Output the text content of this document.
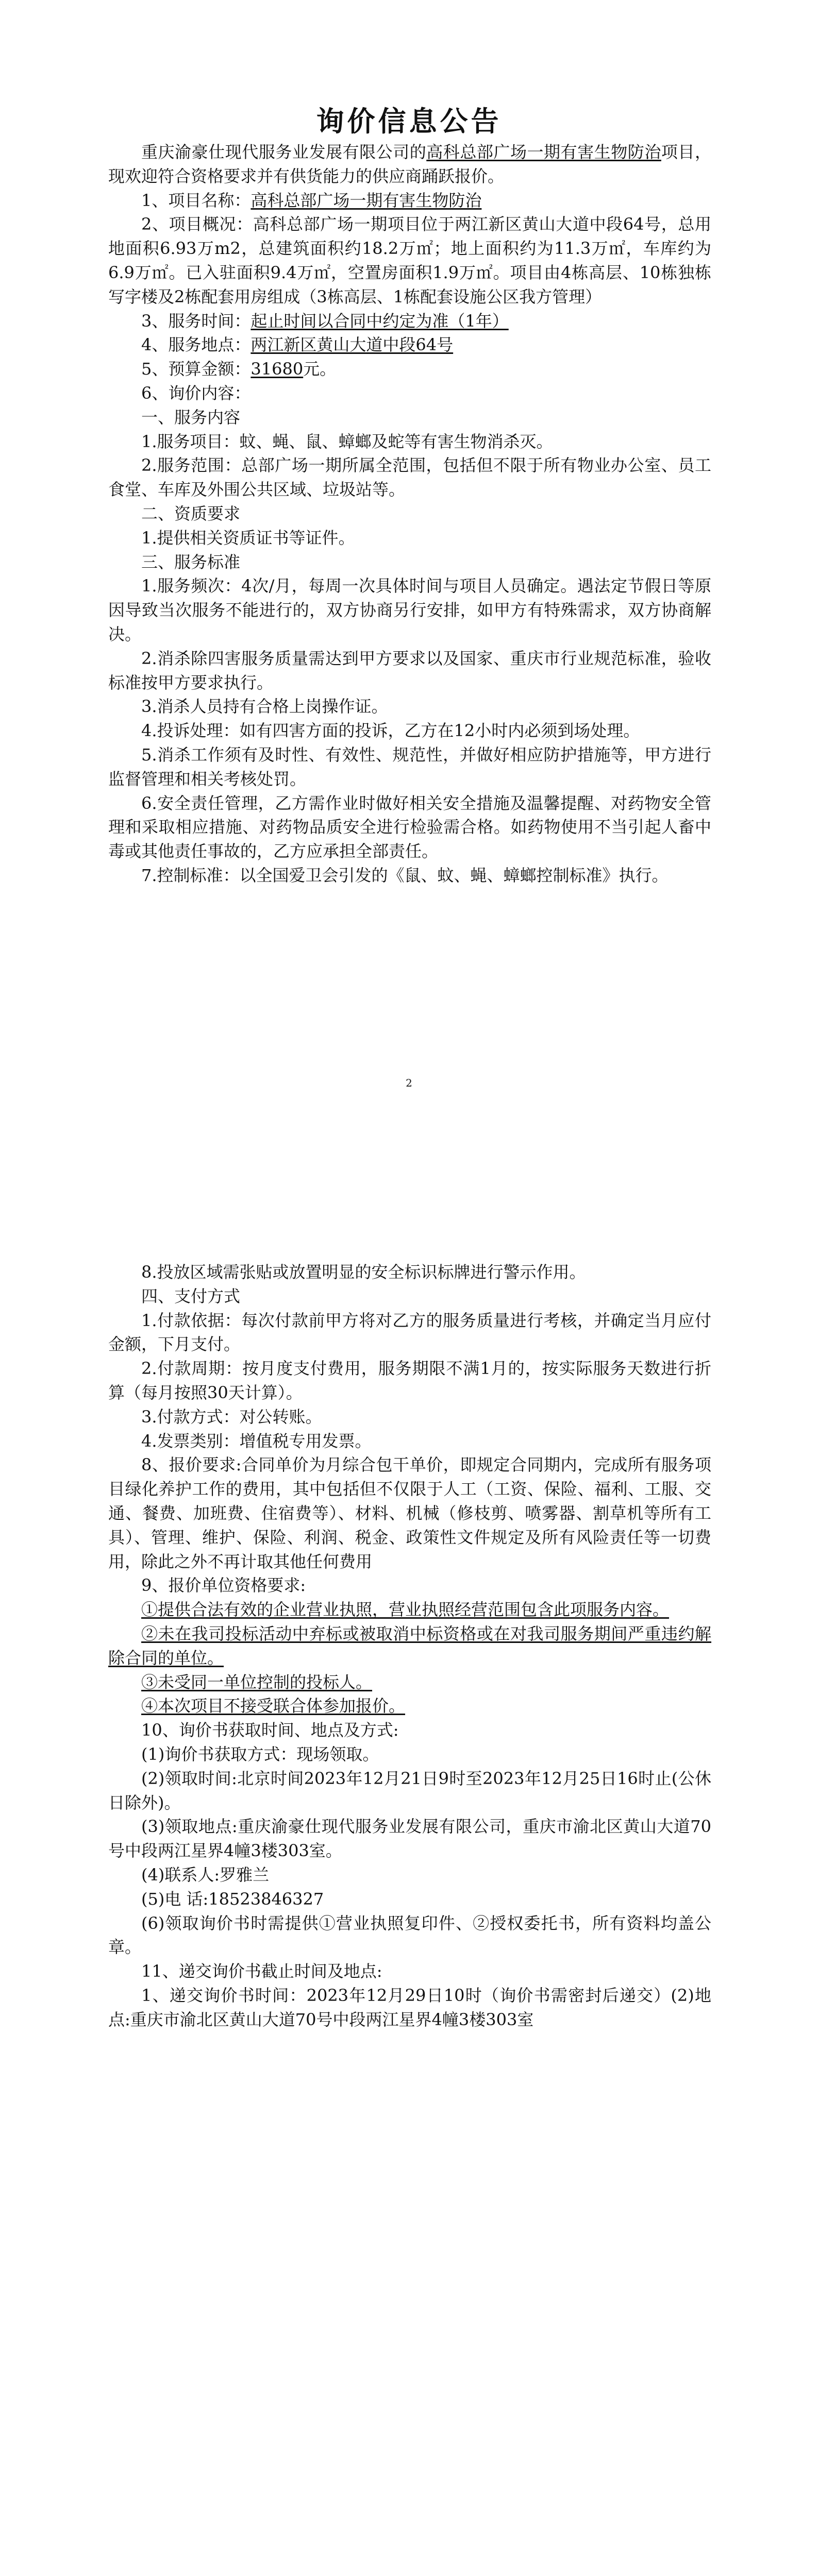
询价信息公告

重庆渝豪仕现代服务业发展有限公司的高科总部广场一期有害生物防治项目，现欢迎符合资格要求并有供货能力的供应商踊跃报价。

1、项目名称：高科总部广场一期有害生物防治

2、项目概况：高科总部广场一期项目位于两江新区黄山大道中段64号，总用地面积6.93万m2，总建筑面积约18.2万㎡；地上面积约为11.3万㎡，车库约为6.9万㎡。已入驻面积9.4万㎡，空置房面积1.9万㎡。项目由4栋高层、10栋独栋写字楼及2栋配套用房组成（3栋高层、1栋配套设施公区我方管理）

3、服务时间：起止时间以合同中约定为准（1年）

4、服务地点：两江新区黄山大道中段64号

5、预算金额：31680元。

6、询价内容：

一、服务内容

1.服务项目：蚊、蝇、鼠、蟑螂及蛇等有害生物消杀灭。

2.服务范围：总部广场一期所属全范围，包括但不限于所有物业办公室、员工食堂、车库及外围公共区域、垃圾站等。

二、资质要求

1.提供相关资质证书等证件。

三、服务标准

1.服务频次：4次/月，每周一次具体时间与项目人员确定。遇法定节假日等原因导致当次服务不能进行的，双方协商另行安排，如甲方有特殊需求，双方协商解决。

2.消杀除四害服务质量需达到甲方要求以及国家、重庆市行业规范标准，验收标准按甲方要求执行。

3.消杀人员持有合格上岗操作证。

4.投诉处理：如有四害方面的投诉，乙方在12小时内必须到场处理。

5.消杀工作须有及时性、有效性、规范性，并做好相应防护措施等，甲方进行监督管理和相关考核处罚。

6.安全责任管理，乙方需作业时做好相关安全措施及温馨提醒、对药物安全管理和采取相应措施、对药物品质安全进行检验需合格。如药物使用不当引起人畜中毒或其他责任事故的，乙方应承担全部责任。

7.控制标准：以全国爱卫会引发的《鼠、蚊、蝇、蟑螂控制标准》执行。

2

8.投放区域需张贴或放置明显的安全标识标牌进行警示作用。

四、支付方式

1.付款依据：每次付款前甲方将对乙方的服务质量进行考核，并确定当月应付金额，下月支付。

2.付款周期：按月度支付费用，服务期限不满1月的，按实际服务天数进行折算（每月按照30天计算）。

3.付款方式：对公转账。

4.发票类别：增值税专用发票。

8、报价要求:合同单价为月综合包干单价，即规定合同期内，完成所有服务项目绿化养护工作的费用，其中包括但不仅限于人工（工资、保险、福利、工服、交通、餐费、加班费、住宿费等）、材料、机械（修枝剪、喷雾器、割草机等所有工具）、管理、维护、保险、利润、税金、政策性文件规定及所有风险责任等一切费用，除此之外不再计取其他任何费用

9、报价单位资格要求:

①提供合法有效的企业营业执照，营业执照经营范围包含此项服务内容。

②未在我司投标活动中弃标或被取消中标资格或在对我司服务期间严重违约解除合同的单位。

③未受同一单位控制的投标人。

④本次项目不接受联合体参加报价。

10、询价书获取时间、地点及方式:

(1)询价书获取方式：现场领取。

(2)领取时间:北京时间2023年12月21日9时至2023年12月25日16时止(公休日除外)。

(3)领取地点:重庆渝豪仕现代服务业发展有限公司，重庆市渝北区黄山大道70号中段两江星界4幢3楼303室。

(4)联系人:罗雅兰

(5)电 话:18523846327

(6)领取询价书时需提供①营业执照复印件、②授权委托书，所有资料均盖公章。

11、递交询价书截止时间及地点:

1、递交询价书时间：2023年12月29日10时（询价书需密封后递交）(2)地点:重庆市渝北区黄山大道70号中段两江星界4幢3楼303室
